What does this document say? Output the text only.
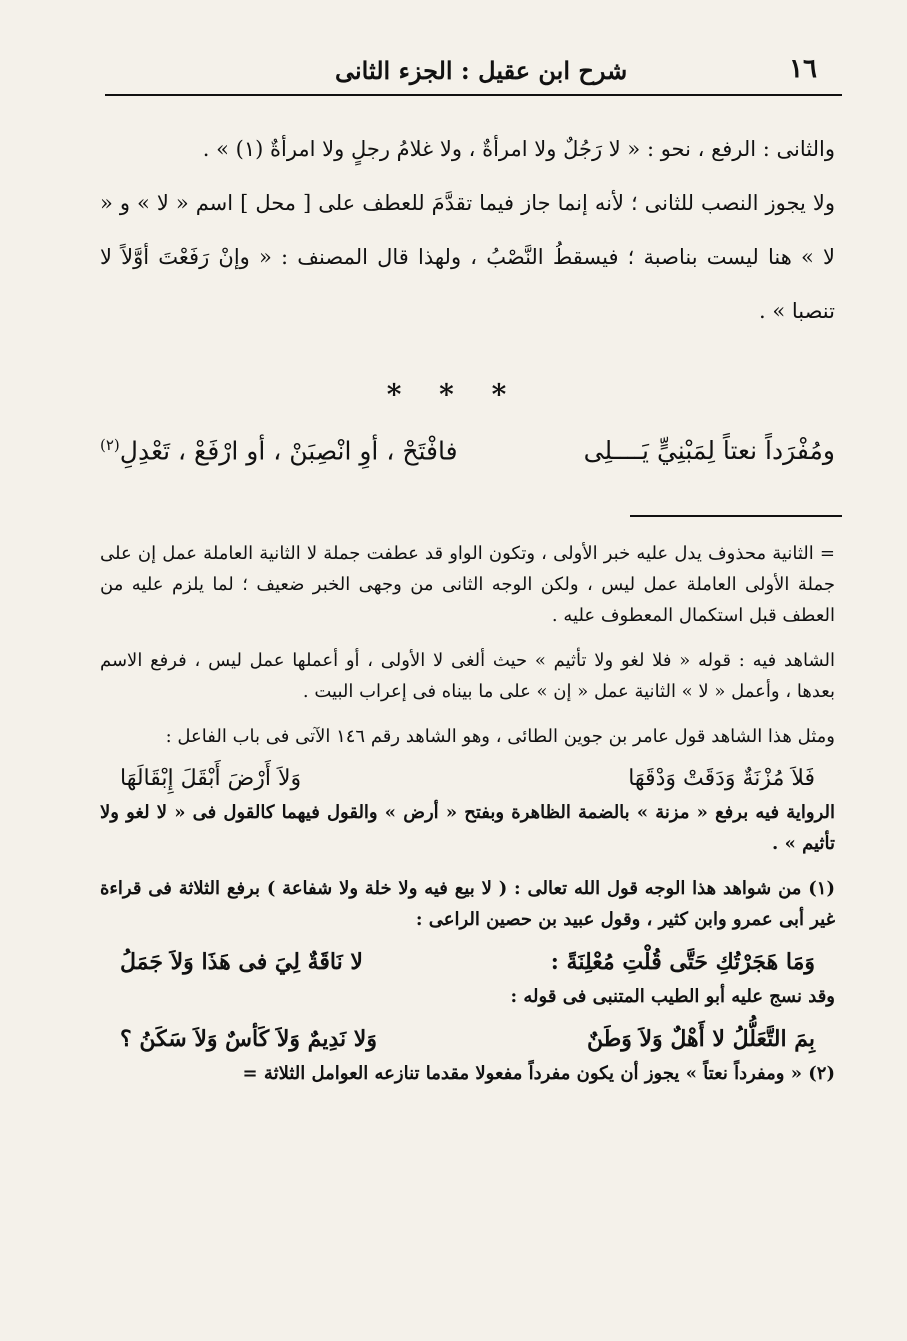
١٦
شرح ابن عقيل : الجزء الثانى

والثانى : الرفع ، نحو : « لا رَجُلٌ ولا امرأةٌ ، ولا غلامُ رجلٍ ولا امرأةٌ (١) » .

ولا يجوز النصب للثانى ؛ لأنه إنما جاز فيما تقدَّمَ للعطف على [ محل ] اسم « لا » و « لا » هنا ليست بناصبة ؛ فيسقطُ النَّصْبُ ، ولهذا قال المصنف : « وإنْ رَفَعْتَ أوَّلاً لا تنصبا » .

* * *
ومُفْرَداً نعتاً لِمَبْنِيٍّ يَــــلِى
فافْتَحْ ، أوِ انْصِبَنْ ، أو ارْفَعْ ، تَعْدِلِ$^{(٢)}$

= الثانية محذوف يدل عليه خبر الأولى ، وتكون الواو قد عطفت جملة لا الثانية العاملة عمل إن على جملة الأولى العاملة عمل ليس ، ولكن الوجه الثانى من وجهى الخبر ضعيف ؛ لما يلزم عليه من العطف قبل استكمال المعطوف عليه .

الشاهد فيه : قوله « فلا لغو ولا تأثيم » حيث ألغى لا الأولى ، أو أعملها عمل ليس ، فرفع الاسم بعدها ، وأعمل « لا » الثانية عمل « إن » على ما بيناه فى إعراب البيت .

ومثل هذا الشاهد قول عامر بن جوين الطائى ، وهو الشاهد رقم ١٤٦ الآتى فى باب الفاعل :

فَلاَ مُزْنَةٌ وَدَقَتْ وَدْقَهَا
وَلاَ أَرْضَ أَبْقَلَ إِبْقَالَهَا

الرواية فيه برفع « مزنة » بالضمة الظاهرة وبفتح « أرض » والقول فيهما كالقول فى « لا لغو ولا تأثيم » .

(١) من شواهد هذا الوجه قول الله تعالى : ( لا بيع فيه ولا خلة ولا شفاعة ) برفع الثلاثة فى قراءة غير أبى عمرو وابن كثير ، وقول عبيد بن حصين الراعى :

وَمَا هَجَرْتُكِ حَتَّى قُلْتِ مُعْلِنَةً :
لا نَاقَةٌ لِيَ فى هَذَا وَلاَ جَمَلُ

وقد نسج عليه أبو الطيب المتنبى فى قوله :

بِمَ التَّعَلُّلُ لا أَهْلٌ وَلاَ وَطَنٌ
وَلا نَدِيمٌ وَلاَ كَأسٌ وَلاَ سَكَنُ ؟

(٢) « ومفرداً نعتاً » يجوز أن يكون مفرداً مفعولا مقدما تنازعه العوامل الثلاثة =
